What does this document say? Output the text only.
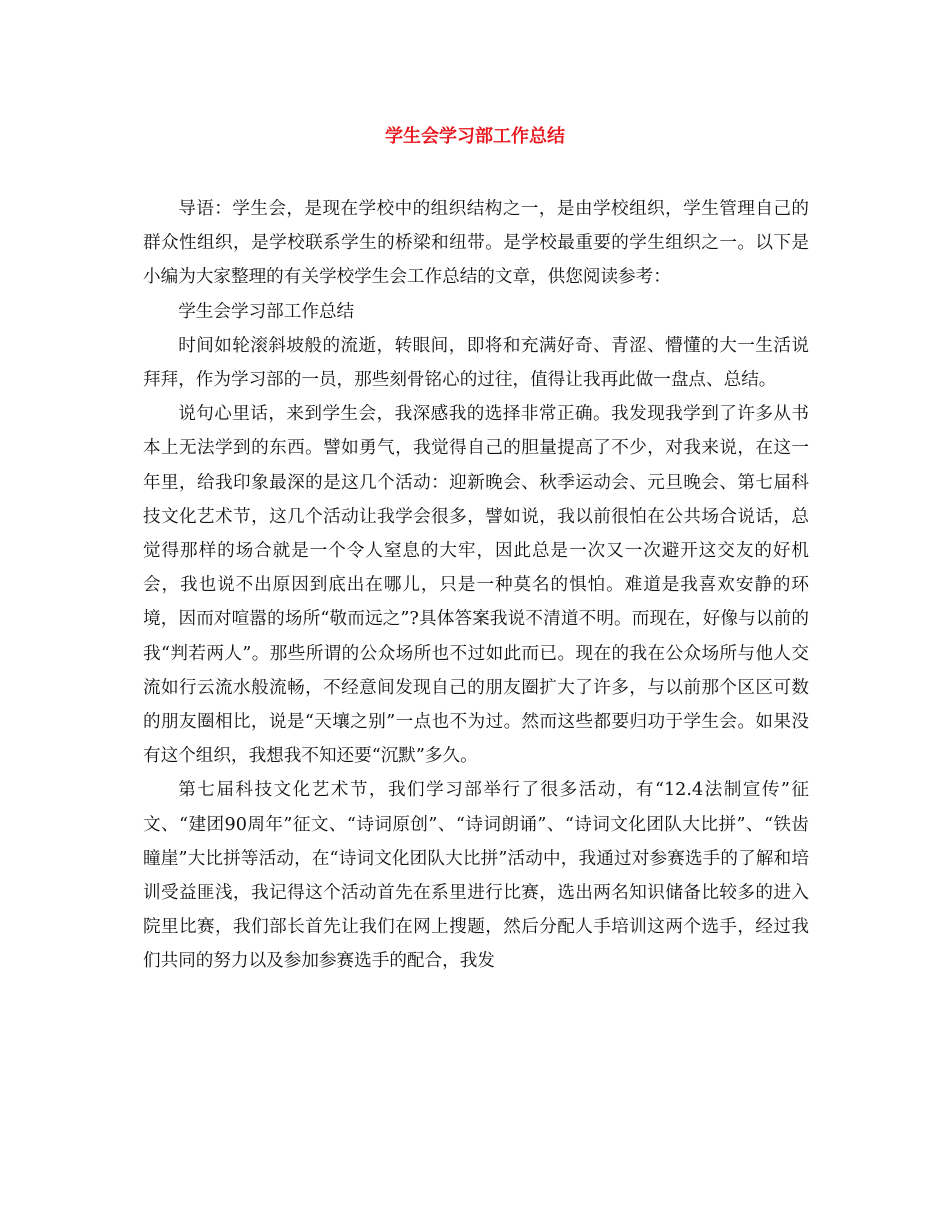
学生会学习部工作总结

导语：学生会，是现在学校中的组织结构之一，是由学校组织，学生管理自己的群众性组织，是学校联系学生的桥梁和纽带。是学校最重要的学生组织之一。以下是小编为大家整理的有关学校学生会工作总结的文章，供您阅读参考：

学生会学习部工作总结

时间如轮滚斜坡般的流逝，转眼间，即将和充满好奇、青涩、懵懂的大一生活说拜拜，作为学习部的一员，那些刻骨铭心的过往，值得让我再此做一盘点、总结。

说句心里话，来到学生会，我深感我的选择非常正确。我发现我学到了许多从书本上无法学到的东西。譬如勇气，我觉得自己的胆量提高了不少，对我来说，在这一年里，给我印象最深的是这几个活动：迎新晚会、秋季运动会、元旦晚会、第七届科技文化艺术节，这几个活动让我学会很多，譬如说，我以前很怕在公共场合说话，总觉得那样的场合就是一个令人窒息的大牢，因此总是一次又一次避开这交友的好机会，我也说不出原因到底出在哪儿，只是一种莫名的惧怕。难道是我喜欢安静的环境，因而对喧嚣的场所“敬而远之”?具体答案我说不清道不明。而现在，好像与以前的我“判若两人”。那些所谓的公众场所也不过如此而已。现在的我在公众场所与他人交流如行云流水般流畅，不经意间发现自己的朋友圈扩大了许多，与以前那个区区可数的朋友圈相比，说是“天壤之别”一点也不为过。然而这些都要归功于学生会。如果没有这个组织，我想我不知还要“沉默”多久。

第七届科技文化艺术节，我们学习部举行了很多活动，有“12.4法制宣传”征文、“建团90周年”征文、“诗词原创”、“诗词朗诵”、“诗词文化团队大比拼”、“铁齿瞳崖”大比拼等活动，在“诗词文化团队大比拼”活动中，我通过对参赛选手的了解和培训受益匪浅，我记得这个活动首先在系里进行比赛，选出两名知识储备比较多的进入院里比赛，我们部长首先让我们在网上搜题，然后分配人手培训这两个选手，经过我们共同的努力以及参加参赛选手的配合，我发
